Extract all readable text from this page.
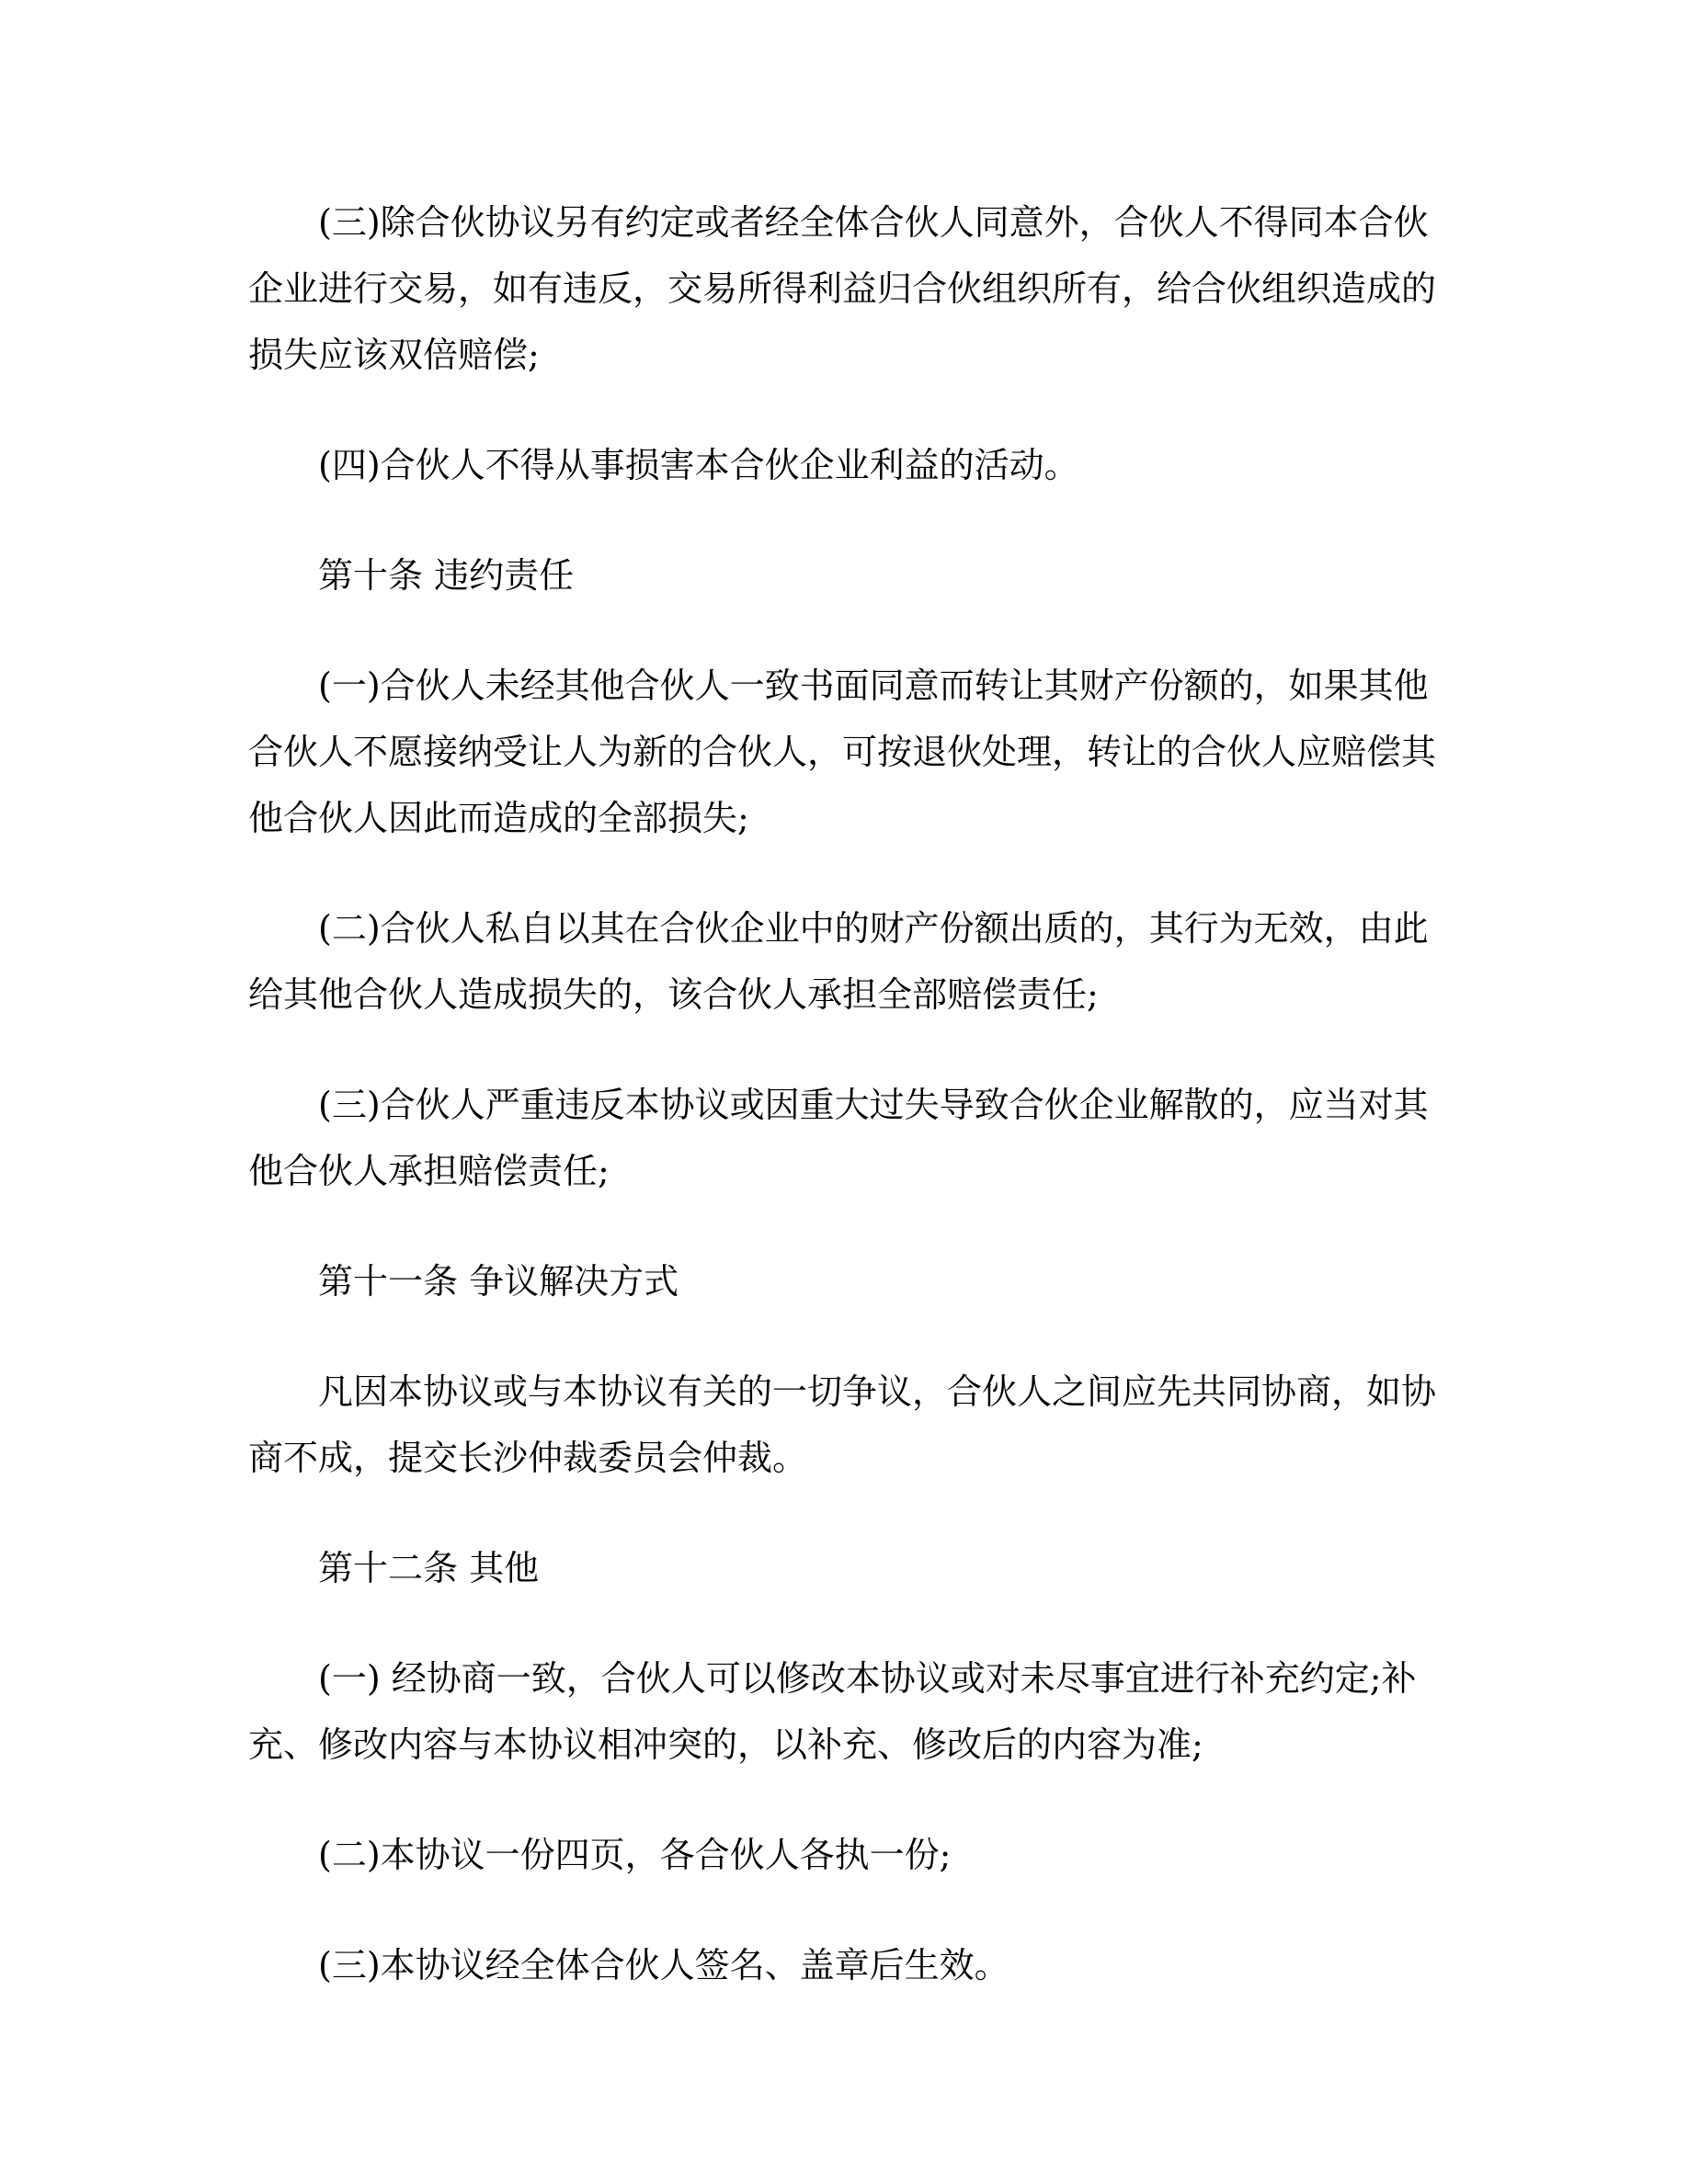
(三)除合伙协议另有约定或者经全体合伙人同意外，合伙人不得同本合伙企业进行交易，如有违反，交易所得利益归合伙组织所有，给合伙组织造成的损失应该双倍赔偿;

(四)合伙人不得从事损害本合伙企业利益的活动。

第十条 违约责任

(一)合伙人未经其他合伙人一致书面同意而转让其财产份额的，如果其他合伙人不愿接纳受让人为新的合伙人，可按退伙处理，转让的合伙人应赔偿其他合伙人因此而造成的全部损失;

(二)合伙人私自以其在合伙企业中的财产份额出质的，其行为无效，由此给其他合伙人造成损失的，该合伙人承担全部赔偿责任;

(三)合伙人严重违反本协议或因重大过失导致合伙企业解散的，应当对其他合伙人承担赔偿责任;

第十一条 争议解决方式

凡因本协议或与本协议有关的一切争议，合伙人之间应先共同协商，如协商不成，提交长沙仲裁委员会仲裁。

第十二条 其他

(一) 经协商一致，合伙人可以修改本协议或对未尽事宜进行补充约定;补充、修改内容与本协议相冲突的，以补充、修改后的内容为准;

(二)本协议一份四页，各合伙人各执一份;

(三)本协议经全体合伙人签名、盖章后生效。
